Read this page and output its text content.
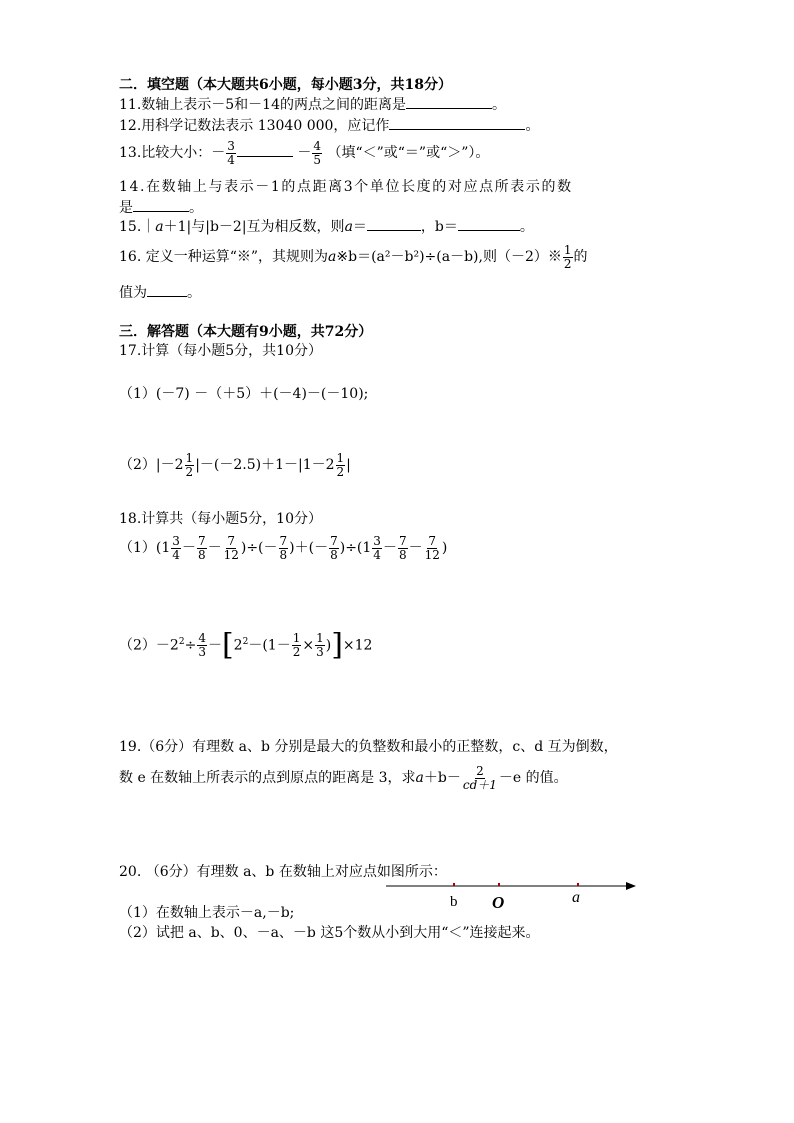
二．填空题（本大题共6小题，每小题3分，共18分）
11.数轴上表示－5和－14的两点之间的距离是	。
12.用科学记数法表示 13040 000，应记作	。
13.比较大小：－ $\frac{3}{4}$	－ $\frac{4}{5}$ （填“＜”或“＝”或“＞”）。
14.在数轴上与表示－1的点距离3个单位长度的对应点所表示的数
是	。
15.｜a＋1|与|b－2|互为相反数，则a＝	，b＝	。
16. 定义一种运算“※”，其规则为a※b＝(a²－b²)÷(a－b),则（－2）※ $\frac{1}{2}$ 的
值为	。
三．解答题（本大题有9小题，共72分）
17.计算（每小题5分，共10分）
（1）(－7) －（＋5）＋(－4)－(－10);
$(2)|-2 \frac{1}{2} |-(-2.5)+1-|1-2 \frac{1}{2}$ |
18.计算共（每小题5分，10分）
$(1)(1 \frac{3}{4} - \frac{7}{8} - \frac{7}{12}$ )÷(－ $\frac{7}{8}$ )＋(－ $\frac{7}{8} )\div(1 \frac{3}{4} - \frac{7}{8} - \frac{7}{12}$ )
$(2)-2^2\div \frac{4}{3} -[2^2-(1- \frac{1}{2} \times \frac{1}{3} )]\times 12$
19.（6分）有理数 a、b 分别是最大的负整数和最小的正整数，c、d 互为倒数，
数 e 在数轴上所表示的点到原点的距离是 3，求$a+b- \frac{2}{cd+1} -e$ 的值。
20. （6分）有理数 a、b 在数轴上对应点如图所示：
（1）在数轴上表示－a,－b;
（2）试把 a、b、0、－a、－b 这5个数从小到大用“＜”连接起来。
b O	a
